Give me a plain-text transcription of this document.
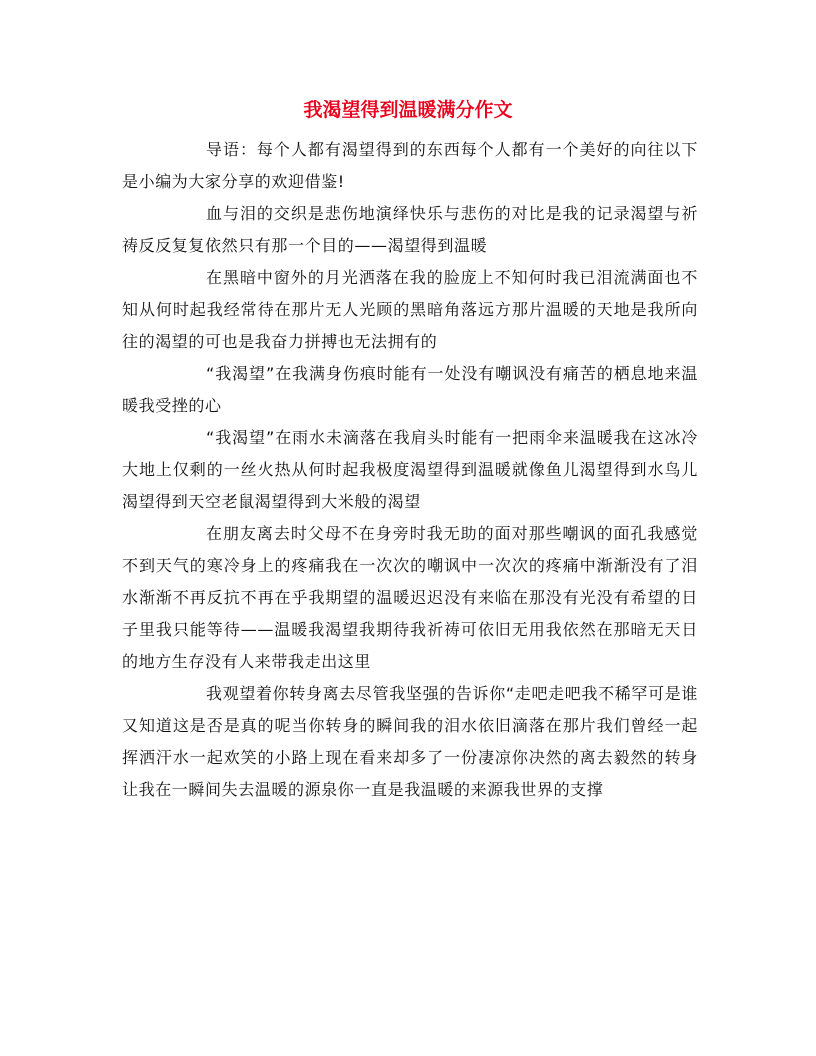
我渴望得到温暖满分作文

导语：每个人都有渴望得到的东西每个人都有一个美好的向往以下是小编为大家分享的欢迎借鉴!

血与泪的交织是悲伤地演绎快乐与悲伤的对比是我的记录渴望与祈祷反反复复依然只有那一个目的——渴望得到温暖

在黑暗中窗外的月光洒落在我的脸庞上不知何时我已泪流满面也不知从何时起我经常待在那片无人光顾的黑暗角落远方那片温暖的天地是我所向往的渴望的可也是我奋力拼搏也无法拥有的

“我渴望”在我满身伤痕时能有一处没有嘲讽没有痛苦的栖息地来温暖我受挫的心

“我渴望”在雨水未滴落在我肩头时能有一把雨伞来温暖我在这冰冷大地上仅剩的一丝火热从何时起我极度渴望得到温暖就像鱼儿渴望得到水鸟儿渴望得到天空老鼠渴望得到大米般的渴望

在朋友离去时父母不在身旁时我无助的面对那些嘲讽的面孔我感觉不到天气的寒冷身上的疼痛我在一次次的嘲讽中一次次的疼痛中渐渐没有了泪水渐渐不再反抗不再在乎我期望的温暖迟迟没有来临在那没有光没有希望的日子里我只能等待——温暖我渴望我期待我祈祷可依旧无用我依然在那暗无天日的地方生存没有人来带我走出这里

我观望着你转身离去尽管我坚强的告诉你“走吧走吧我不稀罕可是谁又知道这是否是真的呢当你转身的瞬间我的泪水依旧滴落在那片我们曾经一起挥洒汗水一起欢笑的小路上现在看来却多了一份凄凉你决然的离去毅然的转身让我在一瞬间失去温暖的源泉你一直是我温暖的来源我世界的支撑
